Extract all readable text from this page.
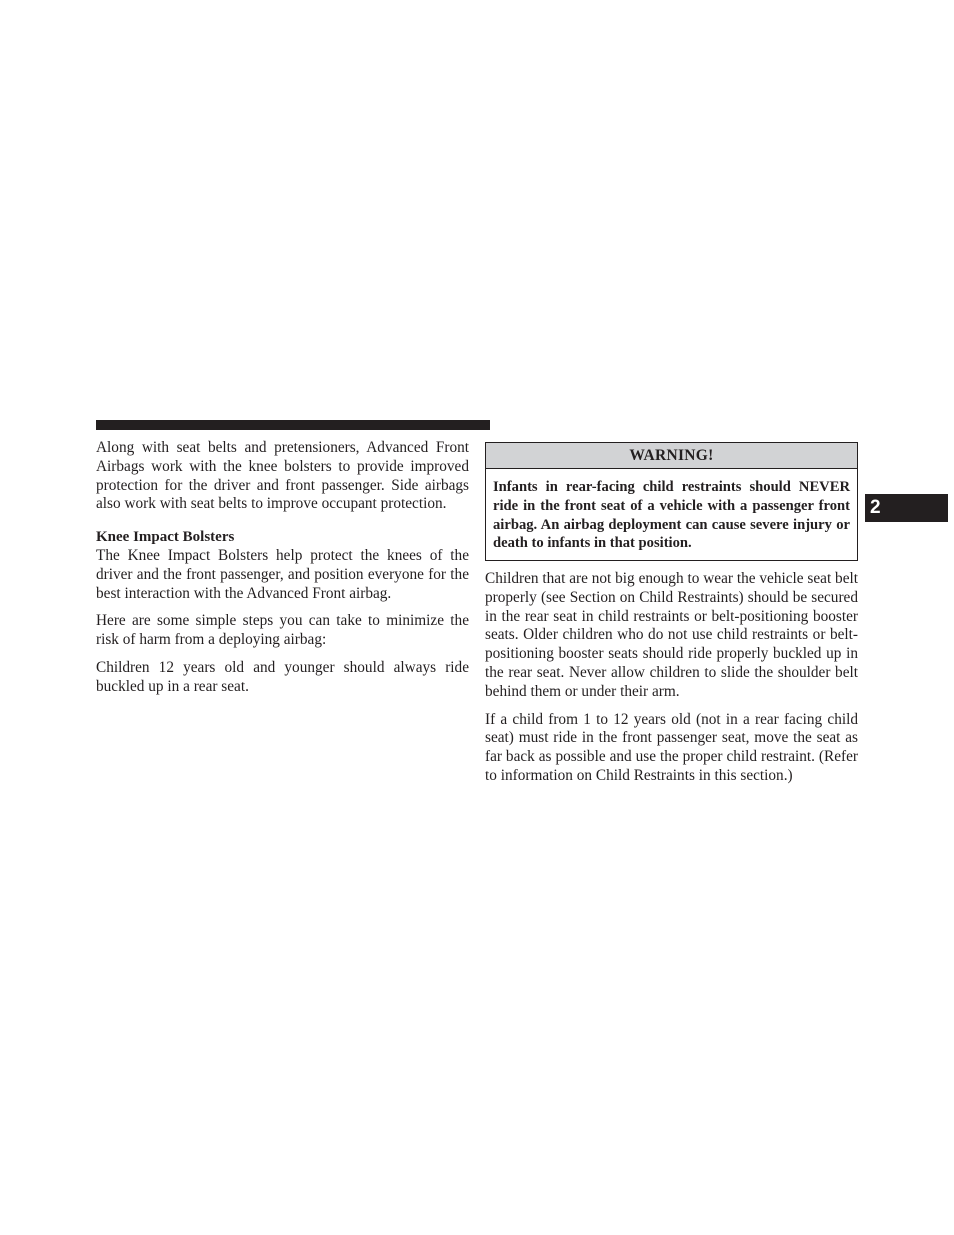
Along with seat belts and pretensioners, Advanced Front Airbags work with the knee bolsters to provide improved protection for the driver and front passenger. Side airbags also work with seat belts to improve occupant protection.

Knee Impact Bolsters

The Knee Impact Bolsters help protect the knees of the driver and the front passenger, and position everyone for the best interaction with the Advanced Front airbag.

Here are some simple steps you can take to minimize the risk of harm from a deploying airbag:

Children 12 years old and younger should always ride buckled up in a rear seat.

WARNING!
Infants in rear-facing child restraints should NEVER ride in the front seat of a vehicle with a passenger front airbag. An airbag deployment can cause severe injury or death to infants in that position.

Children that are not big enough to wear the vehicle seat belt properly (see Section on Child Restraints) should be secured in the rear seat in child restraints or belt-positioning booster seats. Older children who do not use child restraints or belt-positioning booster seats should ride properly buckled up in the rear seat. Never allow children to slide the shoulder belt behind them or under their arm.

If a child from 1 to 12 years old (not in a rear facing child seat) must ride in the front passenger seat, move the seat as far back as possible and use the proper child restraint. (Refer to information on Child Restraints in this section.)

2
